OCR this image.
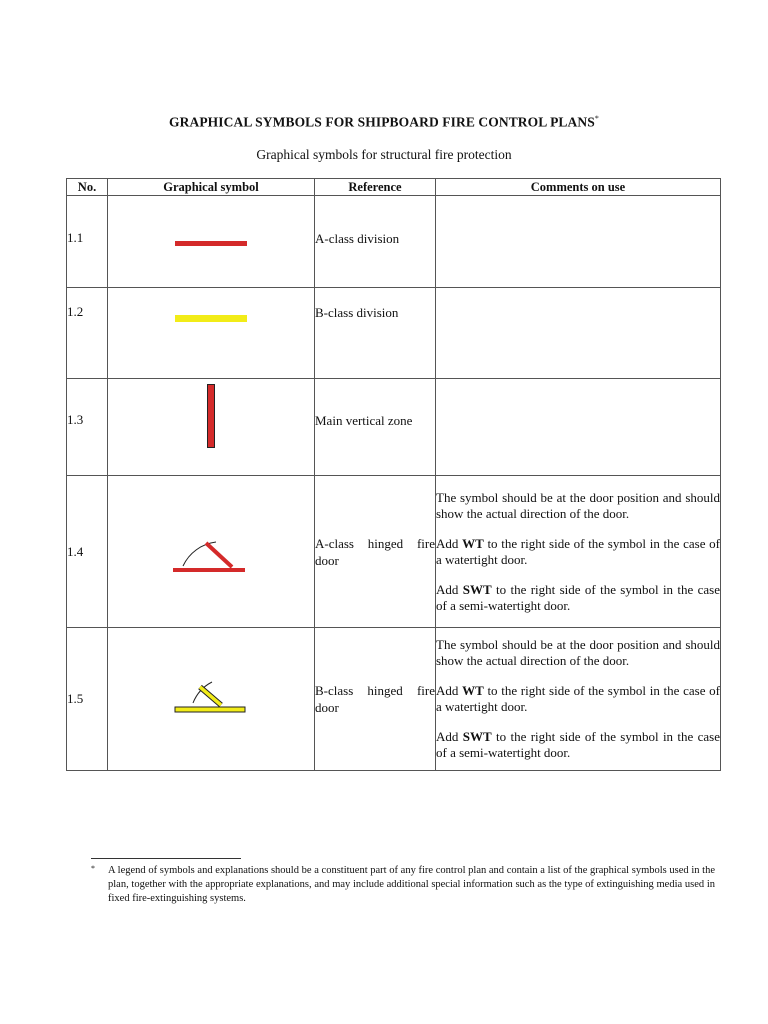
GRAPHICAL SYMBOLS FOR SHIPBOARD FIRE CONTROL PLANS*
Graphical symbols for structural fire protection
No.	Graphical symbol	Reference	Comments on use
1.1		A-class division	
1.2		B-class division	
1.3		Main vertical zone	
1.4		A-class hinged fire door	The symbol should be at the door position and should show the actual direction of the door.

Add WT to the right side of the symbol in the case of a watertight door.

Add SWT to the right side of the symbol in the case of a semi-watertight door.

1.5		B-class hinged fire door	The symbol should be at the door position and should show the actual direction of the door.

Add WT to the right side of the symbol in the case of a watertight door.

Add SWT to the right side of the symbol in the case of a semi-watertight door.

* A legend of symbols and explanations should be a constituent part of any fire control plan and contain a list of the graphical symbols used in the plan, together with the appropriate explanations, and may include additional special information such as the type of extinguishing media used in fixed fire-extinguishing systems.
